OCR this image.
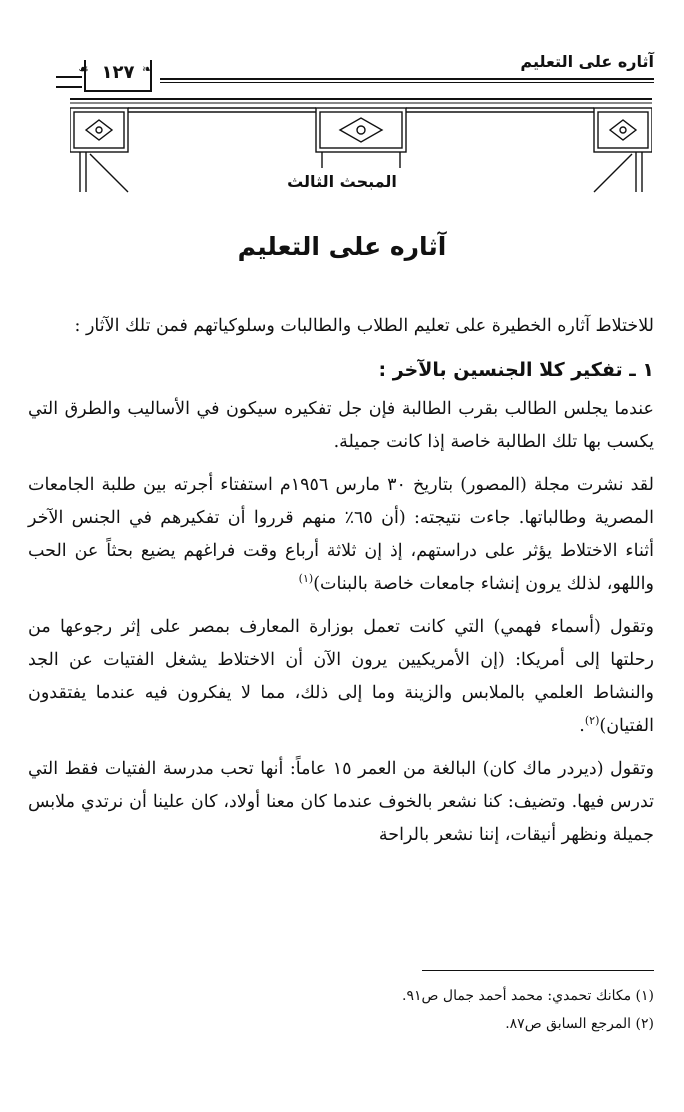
آثاره على التعليم
❧
☙ ١٢٧
المبحث الثالث
آثاره على التعليم

للاختلاط آثاره الخطيرة على تعليم الطلاب والطالبات وسلوكياتهم فمن تلك الآثار :

١ ـ تفكير كلا الجنسين بالآخر :

عندما يجلس الطالب بقرب الطالبة فإن جل تفكيره سيكون في الأساليب والطرق التي يكسب بها تلك الطالبة خاصة إذا كانت جميلة.

لقد نشرت مجلة (المصور) بتاريخ ٣٠ مارس ١٩٥٦م استفتاء أجرته بين طلبة الجامعات المصرية وطالباتها. جاءت نتيجته: (أن ٦٥٪ منهم قرروا أن تفكيرهم في الجنس الآخر أثناء الاختلاط يؤثر على دراستهم، إذ إن ثلاثة أرباع وقت فراغهم يضيع بحثاً عن الحب واللهو، لذلك يرون إنشاء جامعات خاصة بالبنات)$^{(١)}$

وتقول (أسماء فهمي) التي كانت تعمل بوزارة المعارف بمصر على إثر رجوعها من رحلتها إلى أمريكا: (إن الأمريكيين يرون الآن أن الاختلاط يشغل الفتيات عن الجد والنشاط العلمي بالملابس والزينة وما إلى ذلك، مما لا يفكرون فيه عندما يفتقدون الفتيان)$^{(٢)}$.

وتقول (ديردر ماك كان) البالغة من العمر ١٥ عاماً: أنها تحب مدرسة الفتيات فقط التي تدرس فيها. وتضيف: كنا نشعر بالخوف عندما كان معنا أولاد، كان علينا أن نرتدي ملابس جميلة ونظهر أنيقات، إننا نشعر بالراحة

(١) مكانك تحمدي: محمد أحمد جمال ص٩١.

(٢) المرجع السابق ص٨٧.
